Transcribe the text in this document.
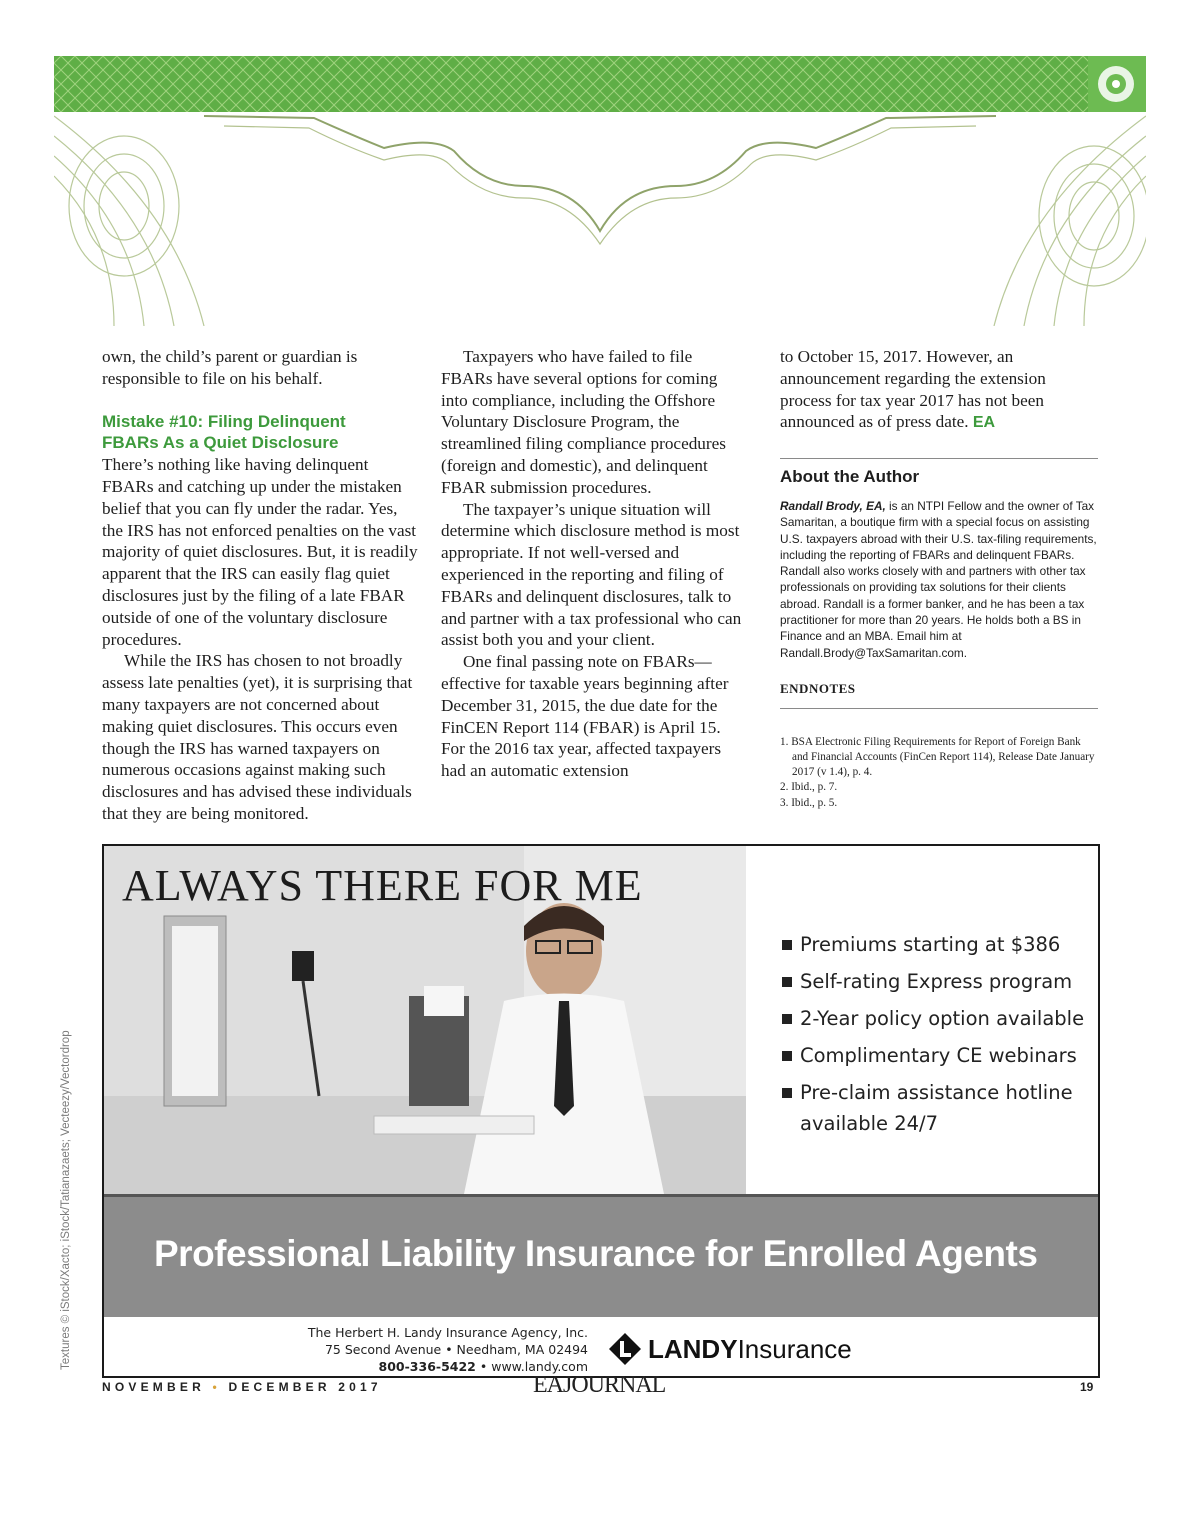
own, the child’s parent or guardian is responsible to file on his behalf.

Mistake #10: Filing Delinquent
FBARs As a Quiet Disclosure

There’s nothing like having delinquent FBARs and catching up under the mistaken belief that you can fly under the radar. Yes, the IRS has not enforced penalties on the vast majority of quiet disclosures. But, it is readily apparent that the IRS can easily flag quiet disclosures just by the filing of a late FBAR outside of one of the voluntary disclosure procedures.

While the IRS has chosen to not broadly assess late penalties (yet), it is surprising that many taxpayers are not concerned about making quiet disclosures. This occurs even though the IRS has warned taxpayers on numerous occasions against making such disclosures and has advised these individuals that they are being monitored.

Taxpayers who have failed to file FBARs have several options for coming into compliance, including the Offshore Voluntary Disclosure Program, the streamlined filing compliance procedures (foreign and domestic), and delinquent FBAR submission procedures.

The taxpayer’s unique situation will determine which disclosure method is most appropriate. If not well-versed and experienced in the reporting and filing of FBARs and delinquent disclosures, talk to and partner with a tax professional who can assist both you and your client.

One final passing note on FBARs—effective for taxable years beginning after December 31, 2015, the due date for the FinCEN Report 114 (FBAR) is April 15. For the 2016 tax year, affected taxpayers had an automatic extension

to October 15, 2017. However, an announcement regarding the extension process for tax year 2017 has not been announced as of press date. EA

About the Author

Randall Brody, EA, is an NTPI Fellow and the owner of Tax Samaritan, a boutique firm with a special focus on assisting U.S. taxpayers abroad with their U.S. tax-filing requirements, including the reporting of FBARs and delinquent FBARs. Randall also works closely with and partners with other tax professionals on providing tax solutions for their clients abroad. Randall is a former banker, and he has been a tax practitioner for more than 20 years. He holds both a BS in Finance and an MBA. Email him at Randall.Brody@TaxSamaritan.com.

ENDNOTES
1. BSA Electronic Filing Requirements for Report of Foreign Bank and Financial Accounts (FinCen Report 114), Release Date January 2017 (v 1.4), p. 4.
2. Ibid., p. 7.
3. Ibid., p. 5.
Textures © iStock/Xacto; iStock/Tatianazaets; Vecteezy/Vectordrop
ALWAYS THERE FOR ME
Premiums starting at $386
Self-rating Express program
2-Year policy option available
Complimentary CE webinars
Pre-claim assistance hotline
available 24/7
Professional Liability Insurance for Enrolled Agents
The Herbert H. Landy Insurance Agency, Inc.
75 Second Avenue • Needham, MA 02494
800-336-5422 • www.landy.com
LANDYInsurance
NOVEMBER • DECEMBER 2017	EAJOURNAL	19
